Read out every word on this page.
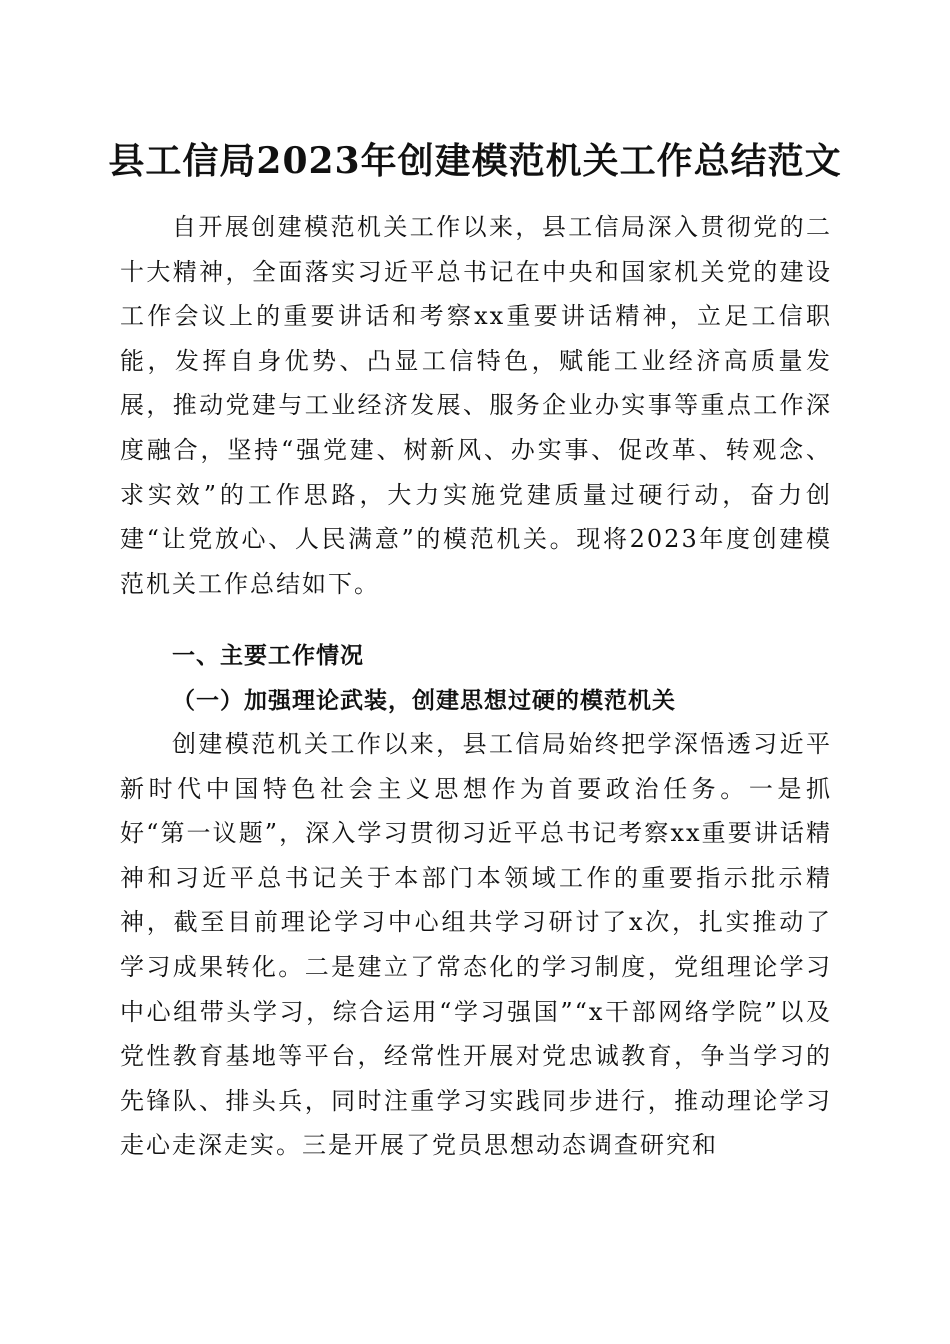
县工信局2023年创建模范机关工作总结范文

自开展创建模范机关工作以来，县工信局深入贯彻党的二十大精神，全面落实习近平总书记在中央和国家机关党的建设工作会议上的重要讲话和考察xx重要讲话精神，立足工信职能，发挥自身优势、凸显工信特色，赋能工业经济高质量发展，推动党建与工业经济发展、服务企业办实事等重点工作深度融合，坚持“强党建、树新风、办实事、促改革、转观念、求实效”的工作思路，大力实施党建质量过硬行动，奋力创建“让党放心、人民满意”的模范机关。现将2023年度创建模范机关工作总结如下。

一、主要工作情况
（一）加强理论武装，创建思想过硬的模范机关

创建模范机关工作以来，县工信局始终把学深悟透习近平新时代中国特色社会主义思想作为首要政治任务。一是抓好“第一议题”，深入学习贯彻习近平总书记考察xx重要讲话精神和习近平总书记关于本部门本领域工作的重要指示批示精神，截至目前理论学习中心组共学习研讨了x次，扎实推动了学习成果转化。二是建立了常态化的学习制度，党组理论学习中心组带头学习，综合运用“学习强国”“x干部网络学院”以及党性教育基地等平台，经常性开展对党忠诚教育，争当学习的先锋队、排头兵，同时注重学习实践同步进行，推动理论学习走心走深走实。三是开展了党员思想动态调查研究和
